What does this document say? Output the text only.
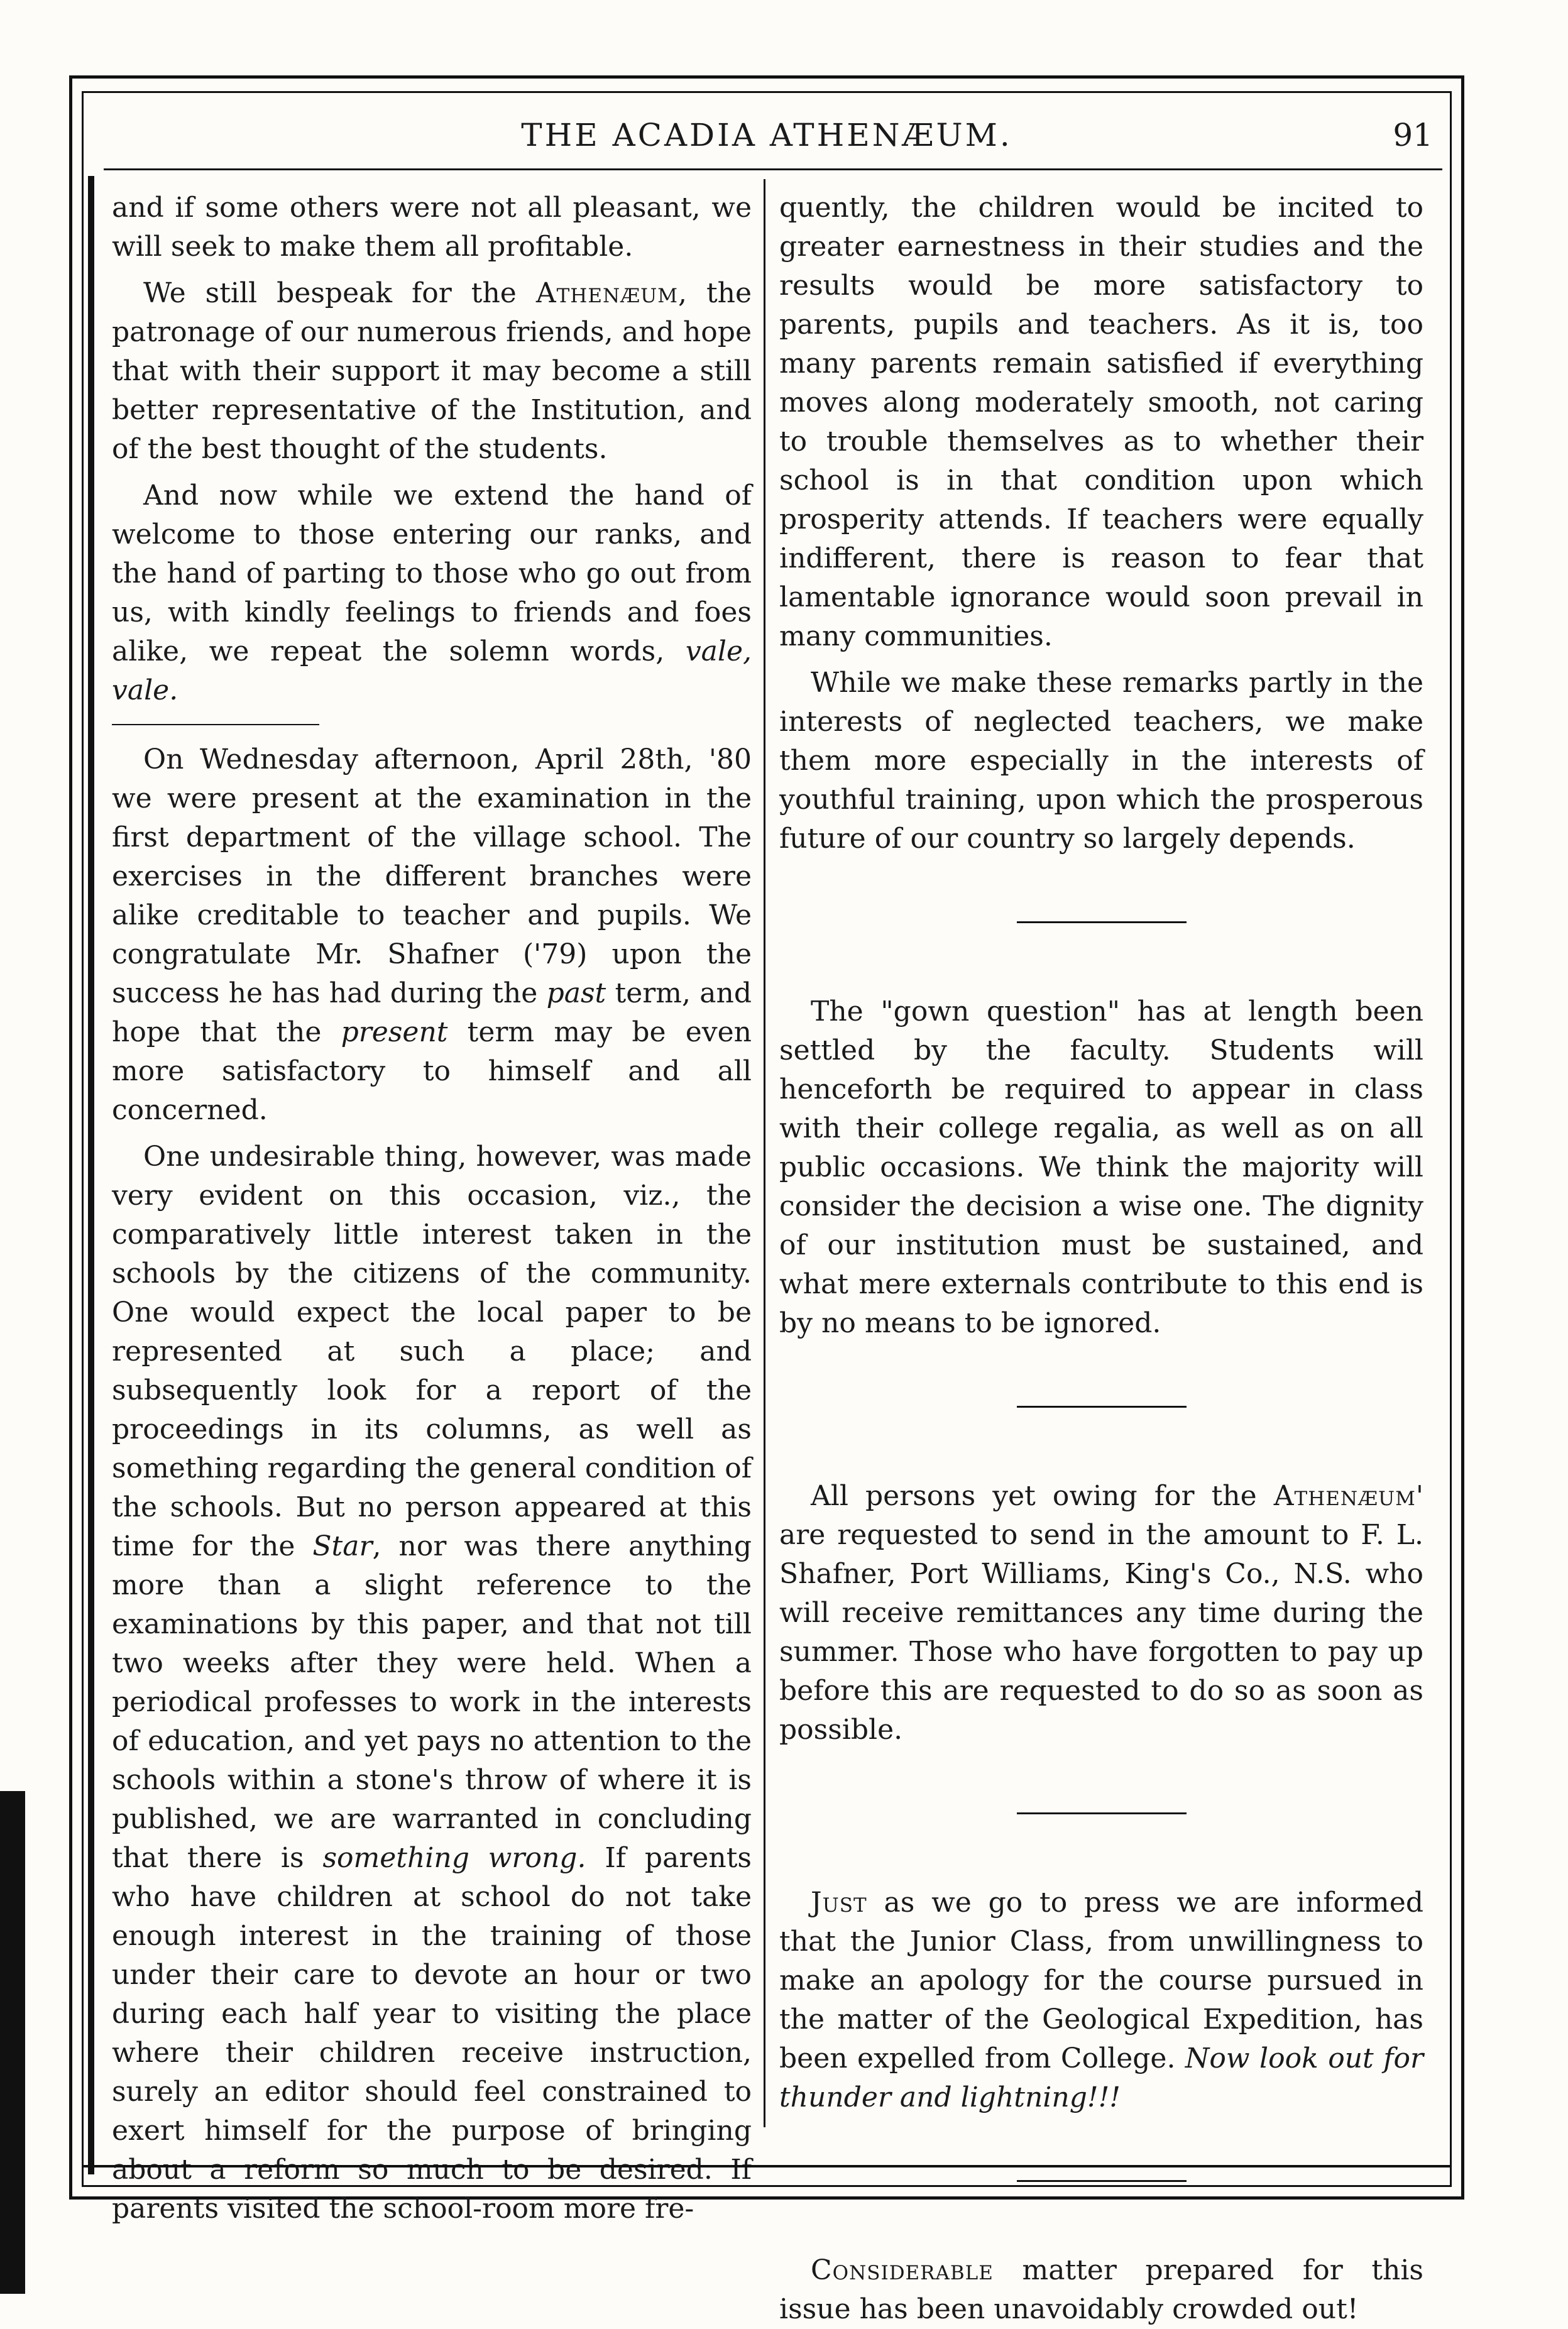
THE ACADIA ATHENÆUM.	91

and if some others were not all pleasant, we will seek to make them all profitable.

We still bespeak for the Athenæum, the patronage of our numerous friends, and hope that with their support it may become a still better representative of the Institution, and of the best thought of the students.

And now while we extend the hand of welcome to those entering our ranks, and the hand of parting to those who go out from us, with kindly feelings to friends and foes alike, we repeat the solemn words, vale, vale.

On Wednesday afternoon, April 28th, '80 we were present at the examination in the first department of the village school. The exercises in the different branches were alike creditable to teacher and pupils. We congratulate Mr. Shafner ('79) upon the success he has had during the past term, and hope that the present term may be even more satisfactory to himself and all concerned.

One undesirable thing, however, was made very evident on this occasion, viz., the comparatively little interest taken in the schools by the citizens of the community. One would expect the local paper to be represented at such a place; and subsequently look for a report of the proceedings in its columns, as well as something regarding the general condition of the schools. But no person appeared at this time for the Star, nor was there anything more than a slight reference to the examinations by this paper, and that not till two weeks after they were held. When a periodical professes to work in the interests of education, and yet pays no attention to the schools within a stone's throw of where it is published, we are warranted in concluding that there is something wrong. If parents who have children at school do not take enough interest in the training of those under their care to devote an hour or two during each half year to visiting the place where their children receive instruction, surely an editor should feel constrained to exert himself for the purpose of bringing about a reform so much to be desired. If parents visited the school-room more fre-

quently, the children would be incited to greater earnestness in their studies and the results would be more satisfactory to parents, pupils and teachers. As it is, too many parents remain satisfied if everything moves along moderately smooth, not caring to trouble themselves as to whether their school is in that condition upon which prosperity attends. If teachers were equally indifferent, there is reason to fear that lamentable ignorance would soon prevail in many communities.

While we make these remarks partly in the interests of neglected teachers, we make them more especially in the interests of youthful training, upon which the prosperous future of our country so largely depends.

The "gown question" has at length been settled by the faculty. Students will henceforth be required to appear in class with their college regalia, as well as on all public occasions. We think the majority will consider the decision a wise one. The dignity of our institution must be sustained, and what mere externals contribute to this end is by no means to be ignored.

All persons yet owing for the Athenæum' are requested to send in the amount to F. L. Shafner, Port Williams, King's Co., N.S. who will receive remittances any time during the summer. Those who have forgotten to pay up before this are requested to do so as soon as possible.

Just as we go to press we are informed that the Junior Class, from unwillingness to make an apology for the course pursued in the matter of the Geological Expedition, has been expelled from College. Now look out for thunder and lightning!!!

Considerable matter prepared for this issue has been unavoidably crowded out!
